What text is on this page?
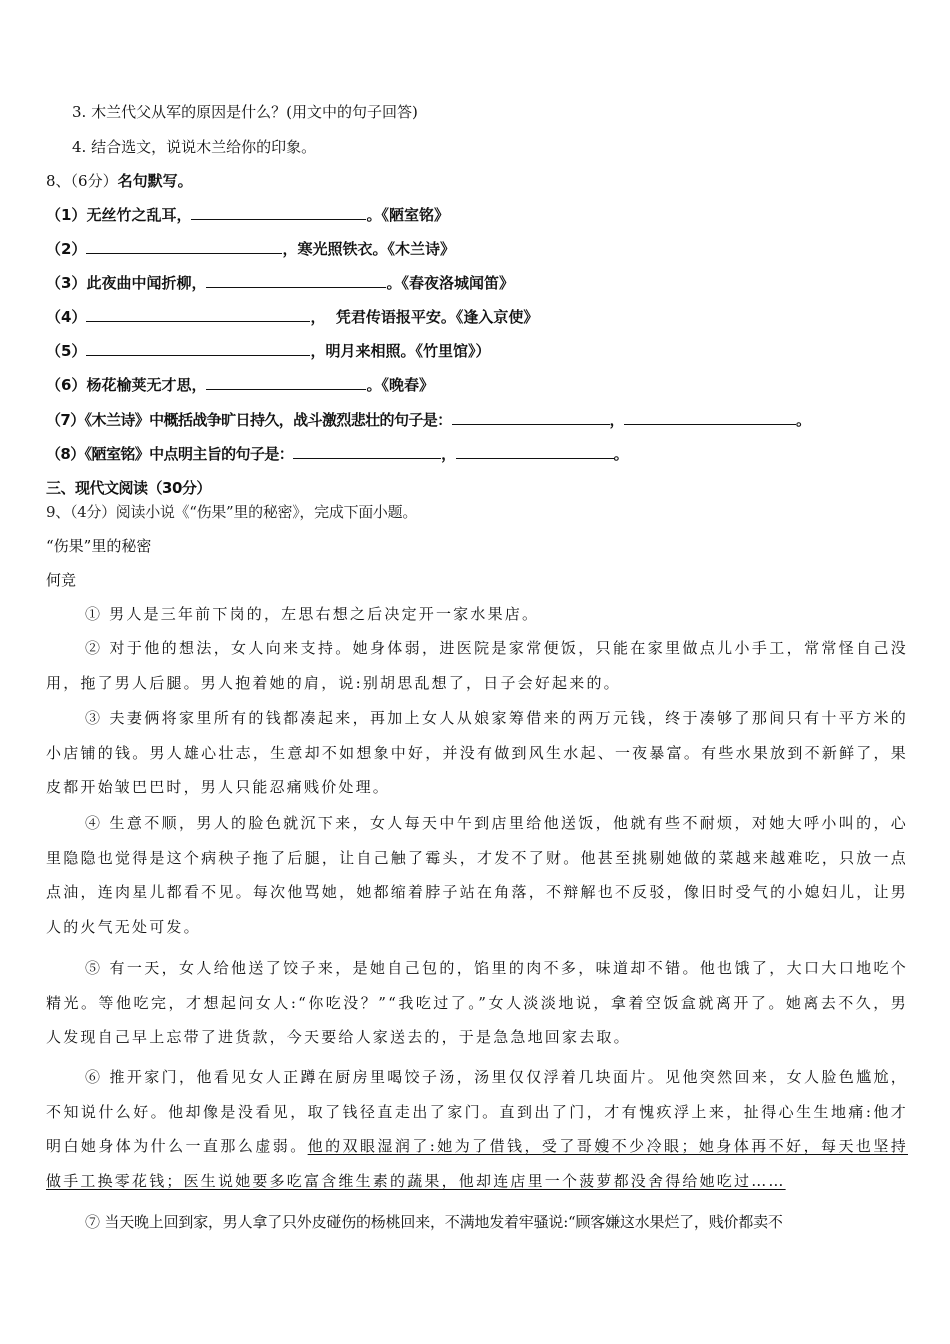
3. 木兰代父从军的原因是什么？(用文中的句子回答)
4. 结合选文，说说木兰给你的印象。
8、（6分）名句默写。
（1）无丝竹之乱耳，	。《陋室铭》
（2）	，寒光照铁衣。《木兰诗》
（3）此夜曲中闻折柳，	。《春夜洛城闻笛》
（4）	，  凭君传语报平安。《逢入京使》
（5）	，明月来相照。《竹里馆》）
（6）杨花榆荚无才思，	。《晚春》
（7）《木兰诗》中概括战争旷日持久，战斗激烈悲壮的句子是：	，	。
（8）《陋室铭》中点明主旨的句子是：	，	。
三、现代文阅读（30分）
9、（4分）阅读小说《“伤果”里的秘密》，完成下面小题。
“伤果”里的秘密
何竞
① 男人是三年前下岗的，左思右想之后决定开一家水果店。
② 对于他的想法，女人向来支持。她身体弱，进医院是家常便饭，只能在家里做点儿小手工，常常怪自己没用，拖了男人后腿。男人抱着她的肩，说:别胡思乱想了，日子会好起来的。
③ 夫妻俩将家里所有的钱都凑起来，再加上女人从娘家筹借来的两万元钱，终于凑够了那间只有十平方米的小店铺的钱。男人雄心壮志，生意却不如想象中好，并没有做到风生水起、一夜暴富。有些水果放到不新鲜了，果皮都开始皱巴巴时，男人只能忍痛贱价处理。
④ 生意不顺，男人的脸色就沉下来，女人每天中午到店里给他送饭，他就有些不耐烦，对她大呼小叫的，心里隐隐也觉得是这个病秧子拖了后腿，让自己触了霉头，才发不了财。他甚至挑剔她做的菜越来越难吃，只放一点点油，连肉星儿都看不见。每次他骂她，她都缩着脖子站在角落，不辩解也不反驳，像旧时受气的小媳妇儿，让男人的火气无处可发。
⑤ 有一天，女人给他送了饺子来，是她自己包的，馅里的肉不多，味道却不错。他也饿了，大口大口地吃个精光。等他吃完，才想起问女人:“你吃没？”“我吃过了。”女人淡淡地说，拿着空饭盒就离开了。她离去不久，男人发现自己早上忘带了进货款，今天要给人家送去的，于是急急地回家去取。
⑥ 推开家门，他看见女人正蹲在厨房里喝饺子汤，汤里仅仅浮着几块面片。见他突然回来，女人脸色尴尬，不知说什么好。他却像是没看见，取了钱径直走出了家门。直到出了门，才有愧疚浮上来，扯得心生生地痛:他才明白她身体为什么一直那么虚弱。他的双眼湿润了:她为了借钱，受了哥嫂不少冷眼；她身体再不好，每天也坚持做手工换零花钱；医生说她要多吃富含维生素的蔬果，他却连店里一个菠萝都没舍得给她吃过……
⑦ 当天晚上回到家，男人拿了只外皮碰伤的杨桃回来，不满地发着牢骚说:“顾客嫌这水果烂了，贱价都卖不
